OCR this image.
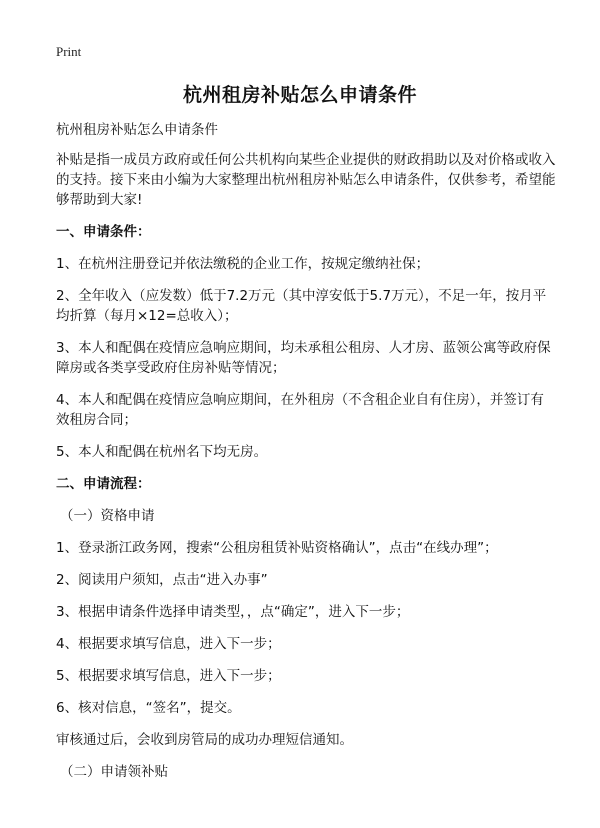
Print
杭州租房补贴怎么申请条件

杭州租房补贴怎么申请条件

补贴是指一成员方政府或任何公共机构向某些企业提供的财政捐助以及对价格或收入的支持。接下来由小编为大家整理出杭州租房补贴怎么申请条件，仅供参考，希望能够帮助到大家!

一、申请条件：

1、在杭州注册登记并依法缴税的企业工作，按规定缴纳社保；

2、全年收入（应发数）低于7.2万元（其中淳安低于5.7万元），不足一年，按月平均折算（每月×12=总收入）；

3、本人和配偶在疫情应急响应期间，均未承租公租房、人才房、蓝领公寓等政府保障房或各类享受政府住房补贴等情况；

4、本人和配偶在疫情应急响应期间，在外租房（不含租企业自有住房），并签订有效租房合同；

5、本人和配偶在杭州名下均无房。

二、申请流程：

（一）资格申请

1、登录浙江政务网，搜索“公租房租赁补贴资格确认”，点击“在线办理”；

2、阅读用户须知，点击“进入办事”

3、根据申请条件选择申请类型，，点“确定”，进入下一步；

4、根据要求填写信息，进入下一步；

5、根据要求填写信息，进入下一步；

6、核对信息，“签名”，提交。

审核通过后，会收到房管局的成功办理短信通知。

（二）申请领补贴
